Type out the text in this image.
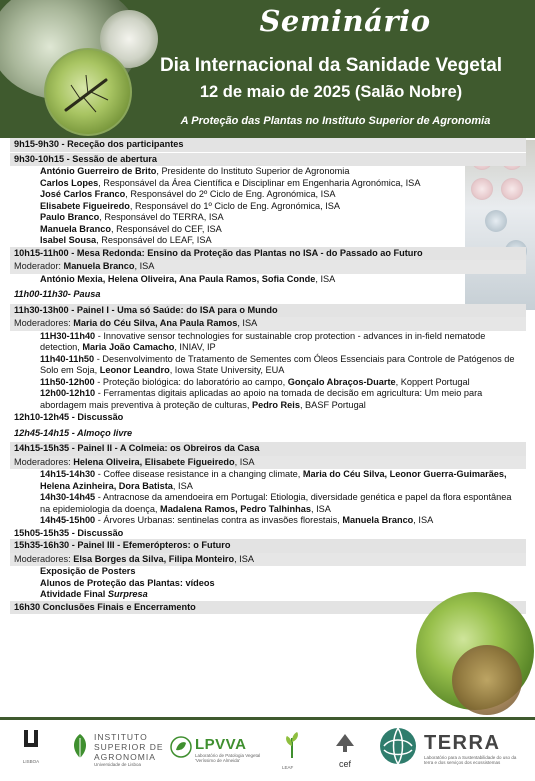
Seminário
Dia Internacional da Sanidade Vegetal
12 de maio de 2025 (Salão Nobre)
A Proteção das Plantas no Instituto Superior de Agronomia
9h15-9h30 - Receção dos participantes
9h30-10h15 - Sessão de abertura
António Guerreiro de Brito, Presidente do Instituto Superior de Agronomia
Carlos Lopes, Responsável da Área Científica e Disciplinar em Engenharia Agronómica, ISA
José Carlos Franco, Responsável do 2º Ciclo de Eng. Agronómica, ISA
Elisabete Figueiredo, Responsável do 1º Ciclo de Eng. Agronómica, ISA
Paulo Branco, Responsável do TERRA, ISA
Manuela Branco, Responsável do CEF, ISA
Isabel Sousa, Responsável do LEAF, ISA
10h15-11h00 - Mesa Redonda: Ensino da Proteção das Plantas no ISA - do Passado ao Futuro
Moderador: Manuela Branco, ISA
António Mexia, Helena Oliveira, Ana Paula Ramos, Sofia Conde, ISA
11h00-11h30- Pausa
11h30-13h00 - Painel I - Uma só Saúde: do ISA para o Mundo
Moderadores: Maria do Céu Silva, Ana Paula Ramos, ISA
11H30-11h40 - Innovative sensor technologies for sustainable crop protection - advances in in-field nematode detection, Maria João Camacho, INIAV, IP
11h40-11h50 - Desenvolvimento de Tratamento de Sementes com Óleos Essenciais para Controle de Patógenos de Solo em Soja, Leonor Leandro, Iowa State University, EUA
11h50-12h00 - Proteção biológica: do laboratório ao campo, Gonçalo Abraços-Duarte, Koppert Portugal
12h00-12h10 - Ferramentas digitais aplicadas ao apoio na tomada de decisão em agricultura: Um meio para abordagem mais preventiva à proteção de culturas, Pedro Reis, BASF Portugal
12h10-12h45 - Discussão
12h45-14h15 - Almoço livre
14h15-15h35 - Painel II - A Colmeia: os Obreiros da Casa
Moderadores: Helena Oliveira, Elisabete Figueiredo, ISA
14h15-14h30 - Coffee disease resistance in a changing climate, Maria do Céu Silva, Leonor Guerra-Guimarães, Helena Azinheira, Dora Batista, ISA
14h30-14h45 - Antracnose da amendoeira em Portugal: Etiologia, diversidade genética e papel da flora espontânea na epidemiologia da doença, Madalena Ramos, Pedro Talhinhas, ISA
14h45-15h00 - Árvores Urbanas: sentinelas contra as invasões florestais, Manuela Branco, ISA
15h05-15h35 - Discussão
15h35-16h30 - Painel III - Efemerópteros: o Futuro
Moderadores: Elsa Borges da Silva, Filipa Monteiro, ISA
Exposição de Posters
Alunos de Proteção das Plantas: vídeos
Atividade Final Surpresa
16h30 Conclusões Finais e Encerramento
LISBOA
INSTITUTO
SUPERIOR DE
AGRONOMIA
Universidade de Lisboa
LPVVA
Laboratório de Patologia Vegetal 'Veríssimo de Almeida'
LEAF	cef
TERRA
Laboratório para a Sustentabilidade do uso da terra e dos serviços dos ecossistemas
